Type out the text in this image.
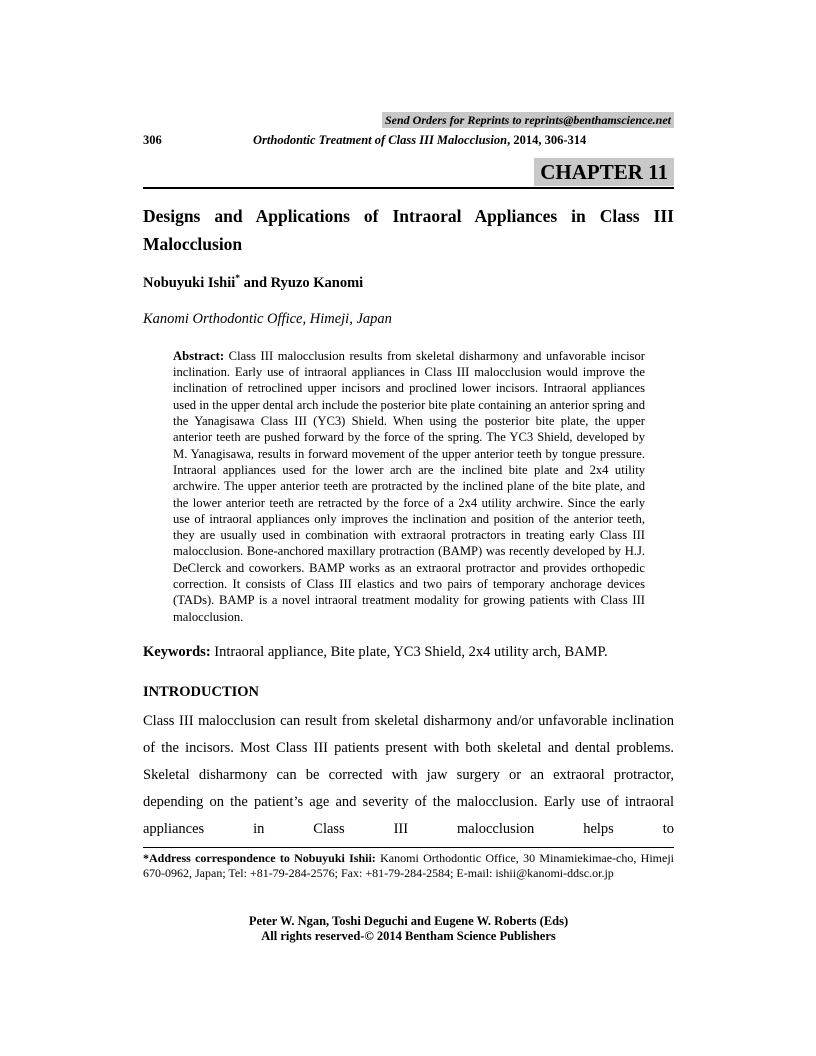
Send Orders for Reprints to reprints@benthamscience.net
306	Orthodontic Treatment of Class III Malocclusion, 2014, 306-314
CHAPTER 11
Designs and Applications of Intraoral Appliances in Class III Malocclusion
Nobuyuki Ishii* and Ryuzo Kanomi
Kanomi Orthodontic Office, Himeji, Japan
Abstract: Class III malocclusion results from skeletal disharmony and unfavorable incisor inclination. Early use of intraoral appliances in Class III malocclusion would improve the inclination of retroclined upper incisors and proclined lower incisors. Intraoral appliances used in the upper dental arch include the posterior bite plate containing an anterior spring and the Yanagisawa Class III (YC3) Shield. When using the posterior bite plate, the upper anterior teeth are pushed forward by the force of the spring. The YC3 Shield, developed by M. Yanagisawa, results in forward movement of the upper anterior teeth by tongue pressure. Intraoral appliances used for the lower arch are the inclined bite plate and 2x4 utility archwire. The upper anterior teeth are protracted by the inclined plane of the bite plate, and the lower anterior teeth are retracted by the force of a 2x4 utility archwire. Since the early use of intraoral appliances only improves the inclination and position of the anterior teeth, they are usually used in combination with extraoral protractors in treating early Class III malocclusion. Bone-anchored maxillary protraction (BAMP) was recently developed by H.J. DeClerck and coworkers. BAMP works as an extraoral protractor and provides orthopedic correction. It consists of Class III elastics and two pairs of temporary anchorage devices (TADs). BAMP is a novel intraoral treatment modality for growing patients with Class III malocclusion.
Keywords: Intraoral appliance, Bite plate, YC3 Shield, 2x4 utility arch, BAMP.
INTRODUCTION
Class III malocclusion can result from skeletal disharmony and/or unfavorable inclination of the incisors. Most Class III patients present with both skeletal and dental problems. Skeletal disharmony can be corrected with jaw surgery or an extraoral protractor, depending on the patient’s age and severity of the malocclusion. Early use of intraoral appliances in Class III malocclusion helps to
*Address correspondence to Nobuyuki Ishii: Kanomi Orthodontic Office, 30 Minamiekimae-cho, Himeji 670-0962, Japan; Tel: +81-79-284-2576; Fax: +81-79-284-2584; E-mail: ishii@kanomi-ddsc.or.jp
Peter W. Ngan, Toshi Deguchi and Eugene W. Roberts (Eds)
All rights reserved-© 2014 Bentham Science Publishers
